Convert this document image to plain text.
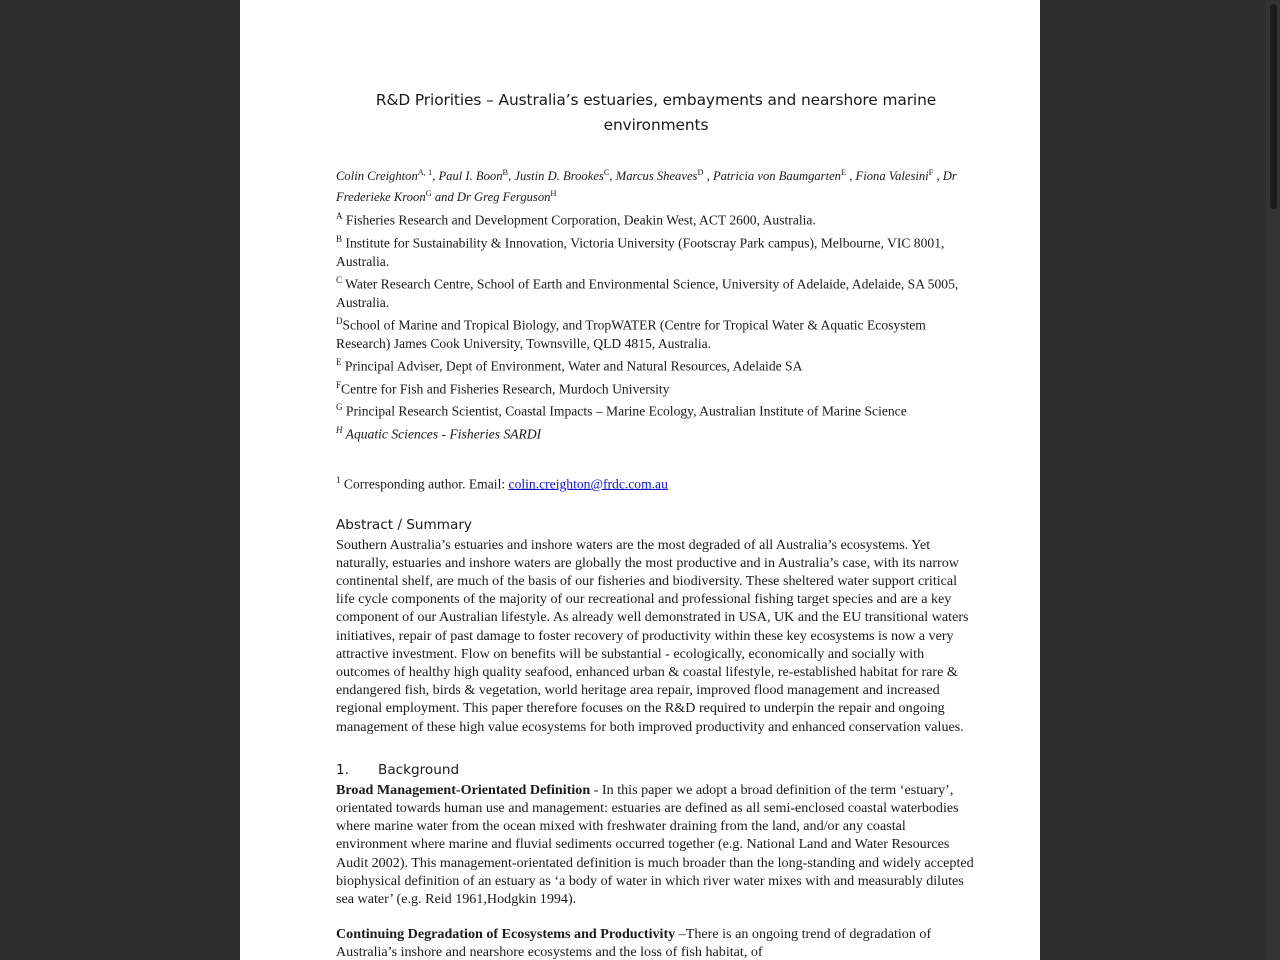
R&D Priorities – Australia’s estuaries, embayments and nearshore marine environments

Colin Creighton$^{A, 1}$, Paul I. Boon$^B$, Justin D. Brookes$^C$, Marcus Sheaves$^D$ , Patricia von Baumgarten$^E$ , Fiona Valesini$^F$ , Dr Frederieke Kroon$^G$ and Dr Greg Ferguson$^H$

$^A$ Fisheries Research and Development Corporation, Deakin West, ACT 2600, Australia.

$^B$ Institute for Sustainability & Innovation, Victoria University (Footscray Park campus), Melbourne, VIC 8001, Australia.

$^C$ Water Research Centre, School of Earth and Environmental Science, University of Adelaide, Adelaide, SA 5005, Australia.

$^D$School of Marine and Tropical Biology, and TropWATER (Centre for Tropical Water & Aquatic Ecosystem Research) James Cook University, Townsville, QLD 4815, Australia.

$^E$ Principal Adviser, Dept of Environment, Water and Natural Resources, Adelaide SA

$^F$Centre for Fish and Fisheries Research, Murdoch University

$^G$ Principal Research Scientist, Coastal Impacts – Marine Ecology, Australian Institute of Marine Science

$^H$ Aquatic Sciences - Fisheries SARDI

$^1$ Corresponding author. Email: colin.creighton@frdc.com.au

Abstract / Summary

Southern Australia’s estuaries and inshore waters are the most degraded of all Australia’s ecosystems. Yet naturally, estuaries and inshore waters are globally the most productive and in Australia’s case, with its narrow continental shelf, are much of the basis of our fisheries and biodiversity. These sheltered water support critical life cycle components of the majority of our recreational and professional fishing target species and are a key component of our Australian lifestyle. As already well demonstrated in USA, UK and the EU transitional waters initiatives, repair of past damage to foster recovery of productivity within these key ecosystems is now a very attractive investment. Flow on benefits will be substantial - ecologically, economically and socially with outcomes of healthy high quality seafood, enhanced urban & coastal lifestyle, re-established habitat for rare & endangered fish, birds & vegetation, world heritage area repair, improved flood management and increased regional employment. This paper therefore focuses on the R&D required to underpin the repair and ongoing management of these high value ecosystems for both improved productivity and enhanced conservation values.

1. Background

Broad Management-Orientated Definition - In this paper we adopt a broad definition of the term ‘estuary’, orientated towards human use and management: estuaries are defined as all semi-enclosed coastal waterbodies where marine water from the ocean mixed with freshwater draining from the land, and/or any coastal environment where marine and fluvial sediments occurred together (e.g. National Land and Water Resources Audit 2002). This management-orientated definition is much broader than the long-standing and widely accepted biophysical definition of an estuary as ‘a body of water in which river water mixes with and measurably dilutes sea water’ (e.g. Reid 1961,Hodgkin 1994).

Continuing Degradation of Ecosystems and Productivity –There is an ongoing trend of degradation of Australia’s inshore and nearshore ecosystems and the loss of fish habitat, of
